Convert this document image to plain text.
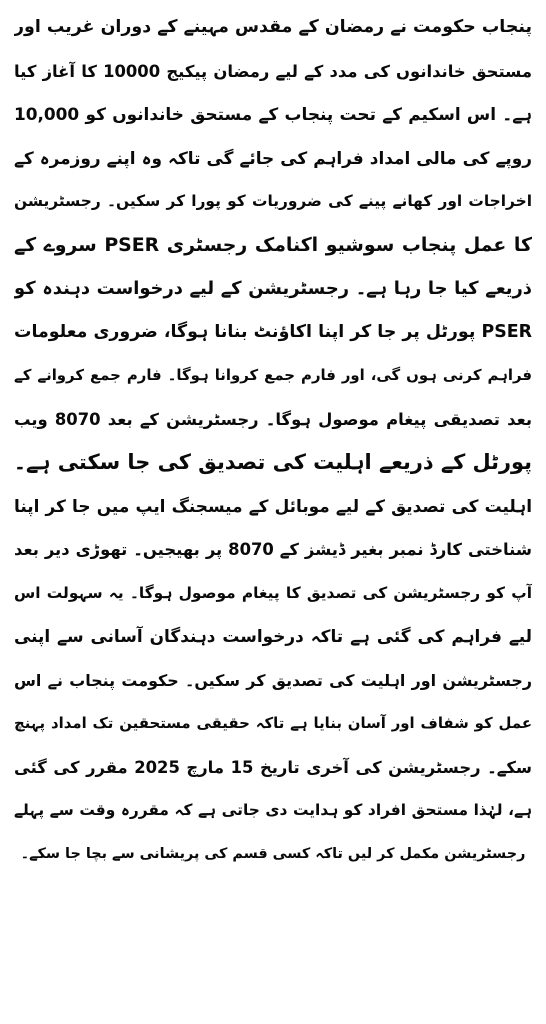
پنجاب حکومت نے رمضان کے مقدس مہینے کے دوران غریب اور
مستحق خاندانوں کی مدد کے لیے رمضان پیکیج 10000 کا آغاز کیا
ہے۔ اس اسکیم کے تحت پنجاب کے مستحق خاندانوں کو 10,000
روپے کی مالی امداد فراہم کی جائے گی تاکہ وہ اپنے روزمرہ کے
اخراجات اور کھانے پینے کی ضروریات کو پورا کر سکیں۔ رجسٹریشن
کا عمل پنجاب سوشیو اکنامک رجسٹری PSER سروے کے
ذریعے کیا جا رہا ہے۔ رجسٹریشن کے لیے درخواست دہندہ کو
PSER پورٹل پر جا کر اپنا اکاؤنٹ بنانا ہوگا، ضروری معلومات
فراہم کرنی ہوں گی، اور فارم جمع کروانا ہوگا۔ فارم جمع کروانے کے
بعد تصدیقی پیغام موصول ہوگا۔ رجسٹریشن کے بعد 8070 ویب
پورٹل کے ذریعے اہلیت کی تصدیق کی جا سکتی ہے۔
اہلیت کی تصدیق کے لیے موبائل کے میسجنگ ایپ میں جا کر اپنا
شناختی کارڈ نمبر بغیر ڈیشز کے 8070 پر بھیجیں۔ تھوڑی دیر بعد
آپ کو رجسٹریشن کی تصدیق کا پیغام موصول ہوگا۔ یہ سہولت اس
لیے فراہم کی گئی ہے تاکہ درخواست دہندگان آسانی سے اپنی
رجسٹریشن اور اہلیت کی تصدیق کر سکیں۔ حکومت پنجاب نے اس
عمل کو شفاف اور آسان بنایا ہے تاکہ حقیقی مستحقین تک امداد پہنچ
سکے۔ رجسٹریشن کی آخری تاریخ 15 مارچ 2025 مقرر کی گئی
ہے، لہٰذا مستحق افراد کو ہدایت دی جاتی ہے کہ مقررہ وقت سے پہلے
رجسٹریشن مکمل کر لیں تاکہ کسی قسم کی پریشانی سے بچا جا سکے۔
